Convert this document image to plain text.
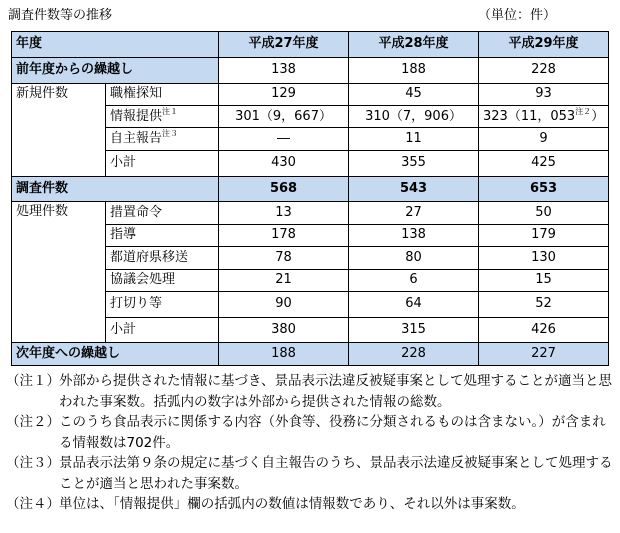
調査件数等の推移	（単位：件）
年度		平成27年度	平成28年度	平成29年度
前年度からの繰越し		138	188	228
新規件数	職権探知	129	45	93
	情報提供$^{注1}$	301（9，667）	310（7，906）	323（11，053$^{注2}$）
	自主報告$^{注3}$	―	11	9
	小計	430	355	425
調査件数		568	543	653
処理件数	措置命令	13	27	50
	指導	178	138	179
	都道府県移送	78	80	130
	協議会処理	21	6	15
	打切り等	90	64	52
	小計	380	315	426
次年度への繰越し		188	228	227
（注１） 外部から提供された情報に基づき、景品表示法違反被疑事案として処理することが適当と思われた事案数。括弧内の数字は外部から提供された情報の総数。
（注２） このうち食品表示に関係する内容（外食等、役務に分類されるものは含まない。）が含まれる情報数は702件。
（注３） 景品表示法第９条の規定に基づく自主報告のうち、景品表示法違反被疑事案として処理することが適当と思われた事案数。
（注４） 単位は、「情報提供」欄の括弧内の数値は情報数であり、それ以外は事案数。
